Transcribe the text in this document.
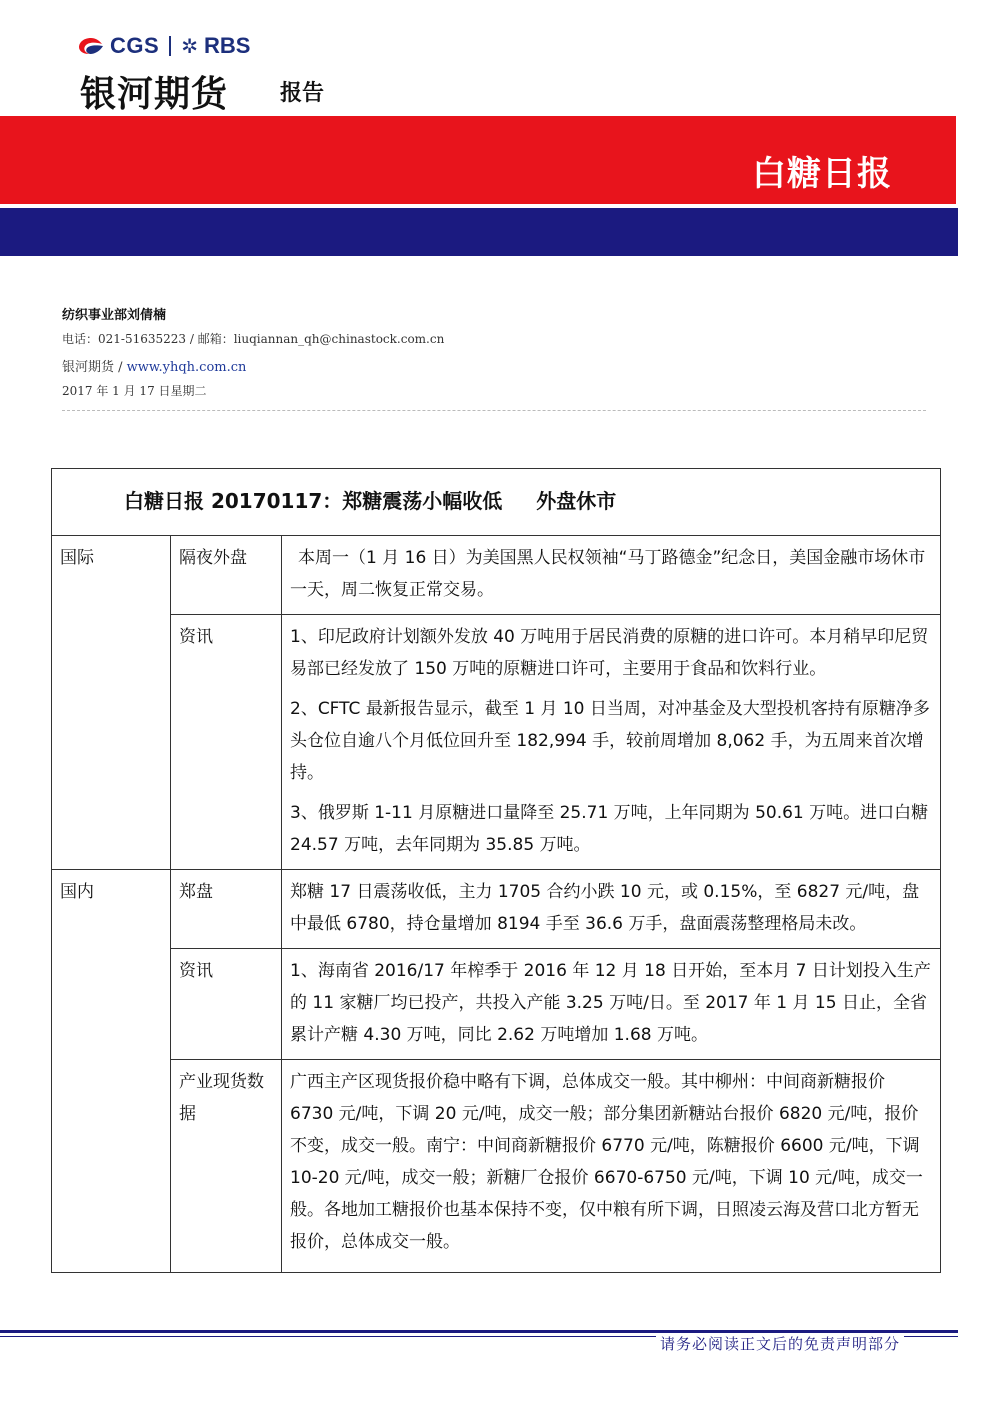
CGS ✲ RBS
银河期货 报告
白糖日报
纺织事业部刘倩楠
电话：021-51635223 / 邮箱：liuqiannan_qh@chinastock.com.cn
银河期货 / www.yhqh.com.cn
2017 年 1 月 17 日星期二
白糖日报 20170117：郑糖震荡小幅收低 外盘休市		

国际	隔夜外盘	本周一（1 月 16 日）为美国黑人民权领袖“马丁路德金”纪念日，美国金融市场休市一天，周二恢复正常交易。

	资讯	1、印尼政府计划额外发放 40 万吨用于居民消费的原糖的进口许可。本月稍早印尼贸易部已经发放了 150 万吨的原糖进口许可，主要用于食品和饮料行业。

2、CFTC 最新报告显示，截至 1 月 10 日当周，对冲基金及大型投机客持有原糖净多头仓位自逾八个月低位回升至 182,994 手，较前周增加 8,062 手，为五周来首次增持。

3、俄罗斯 1-11 月原糖进口量降至 25.71 万吨，上年同期为 50.61 万吨。进口白糖 24.57 万吨，去年同期为 35.85 万吨。

国内	郑盘	郑糖 17 日震荡收低，主力 1705 合约小跌 10 元，或 0.15%，至 6827 元/吨，盘中最低 6780，持仓量增加 8194 手至 36.6 万手，盘面震荡整理格局未改。

	资讯	1、海南省 2016/17 年榨季于 2016 年 12 月 18 日开始，至本月 7 日计划投入生产的 11 家糖厂均已投产，共投入产能 3.25 万吨/日。至 2017 年 1 月 15 日止，全省累计产糖 4.30 万吨，同比 2.62 万吨增加 1.68 万吨。

	产业现货数据	广西主产区现货报价稳中略有下调，总体成交一般。其中柳州：中间商新糖报价 6730 元/吨，下调 20 元/吨，成交一般；部分集团新糖站台报价 6820 元/吨，报价不变，成交一般。南宁：中间商新糖报价 6770 元/吨，陈糖报价 6600 元/吨，下调 10-20 元/吨，成交一般；新糖厂仓报价 6670-6750 元/吨，下调 10 元/吨，成交一般。各地加工糖报价也基本保持不变，仅中粮有所下调，日照凌云海及营口北方暂无报价，总体成交一般。

请务必阅读正文后的免责声明部分
